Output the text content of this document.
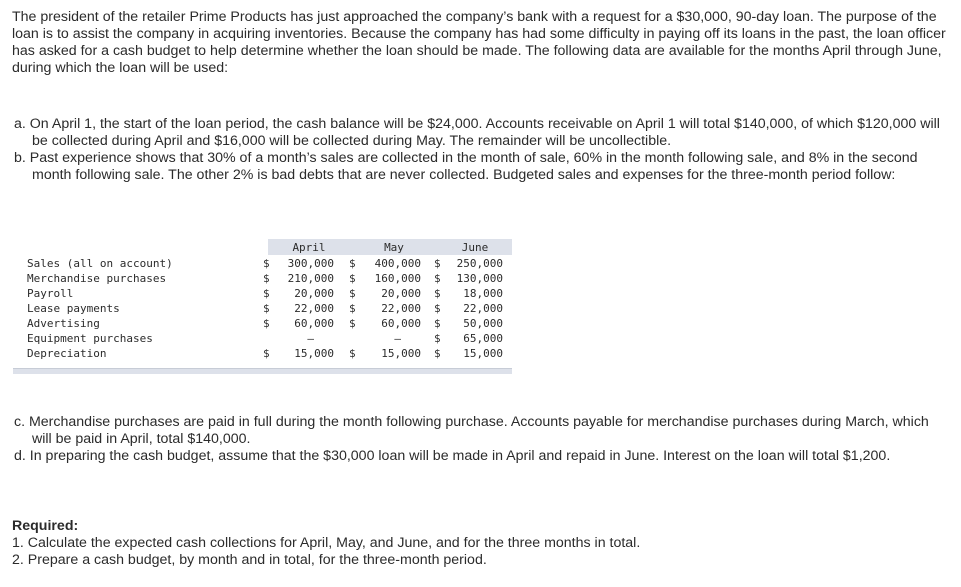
The president of the retailer Prime Products has just approached the company’s bank with a request for a $30,000, 90-day loan. The purpose of the loan is to assist the company in acquiring inventories. Because the company has had some difficulty in paying off its loans in the past, the loan officer has asked for a cash budget to help determine whether the loan should be made. The following data are available for the months April through June, during which the loan will be used:
a. On April 1, the start of the loan period, the cash balance will be $24,000. Accounts receivable on April 1 will total $140,000, of which $120,000 will be collected during April and $16,000 will be collected during May. The remainder will be uncollectible.
b. Past experience shows that 30% of a month’s sales are collected in the month of sale, 60% in the month following sale, and 8% in the second month following sale. The other 2% is bad debts that are never collected. Budgeted sales and expenses for the three-month period follow:
April	May	June
Sales (all on account)	$ 300,000 $ 400,000 $ 250,000
Merchandise purchases	$ 210,000 $ 160,000 $ 130,000
Payroll	$ 20,000 $ 20,000 $ 18,000
Lease payments	$ 22,000 $ 22,000 $ 22,000
Advertising	$ 60,000 $ 60,000 $ 50,000
Equipment purchases	–	–	$ 65,000
Depreciation	$ 15,000 $ 15,000 $ 15,000
c. Merchandise purchases are paid in full during the month following purchase. Accounts payable for merchandise purchases during March, which will be paid in April, total $140,000.
d. In preparing the cash budget, assume that the $30,000 loan will be made in April and repaid in June. Interest on the loan will total $1,200.
Required:
1. Calculate the expected cash collections for April, May, and June, and for the three months in total.
2. Prepare a cash budget, by month and in total, for the three-month period.
